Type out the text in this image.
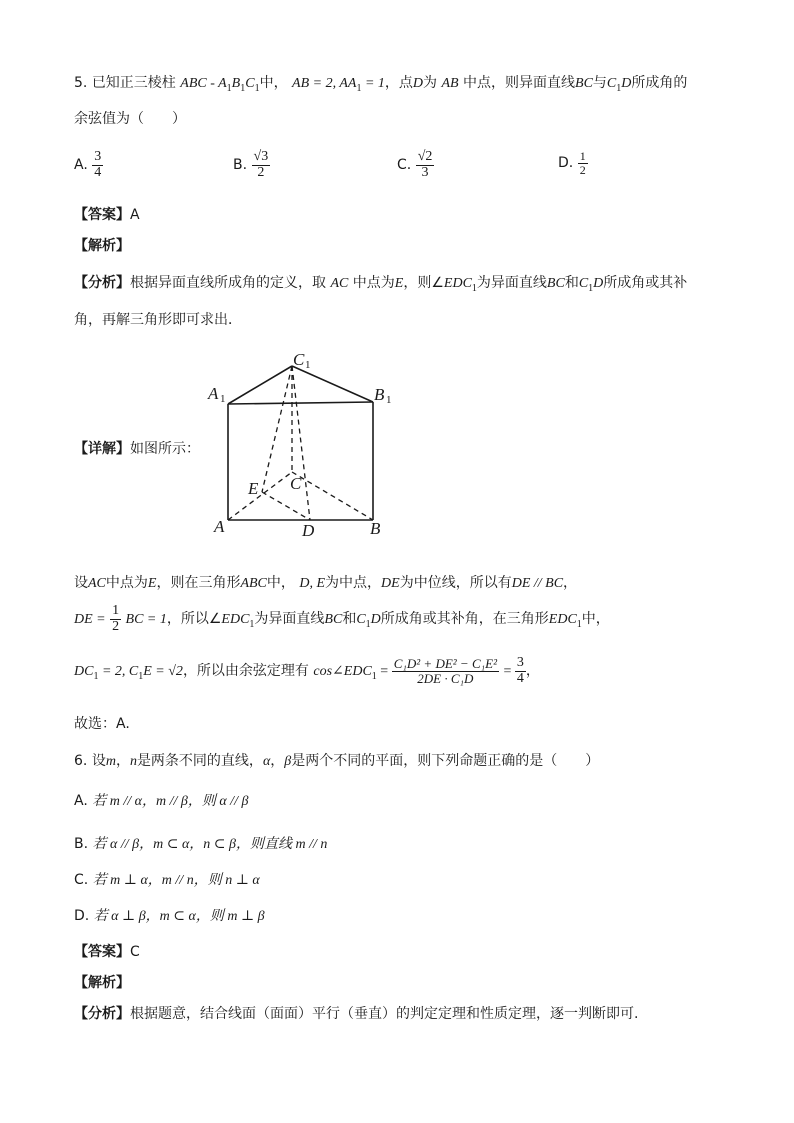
5. 已知正三棱柱 ABC - $A_1B_1C_1$中， AB = 2, $AA_1 = 1$，点D为 AB 中点，则异面直线BC与$C_1D$所成角的
余弦值为（　　）
A. $\frac{3}{4}$	B. $\frac{√3}{2}$	C. $\frac{√2}{3}$	D. $\frac{1}{2}$
【答案】A
【解析】
【分析】根据异面直线所成角的定义，取 AC 中点为E，则$\angle EDC_1$为异面直线BC和$C_1D$所成角或其补
角，再解三角形即可求出．
【详解】如图所示：
C 1
A 1	B 1
C
E
A	D	B
设AC中点为E，则在三角形ABC中， D, E为中点，DE为中位线，所以有DE // BC，
DE = $\frac{1}{2}$ BC = 1，所以$\angle EDC_1$为异面直线BC和$C_1D$所成角或其补角，在三角形$EDC_1$中，
$DC_1 = 2$, $C_1E = √2$，所以由余弦定理有 $\cos\angle EDC_1 = \frac{\text{C₁D² + DE² − C₁E²}}{\text{2DE · C₁D}} = \frac{3}{4}$ ，
故选：A.
6. 设m，n是两条不同的直线，α，β是两个不同的平面，则下列命题正确的是（　　）
A. 若 m // α，m // β，则 α // β
B. 若 α // β，m ⊂ α，n ⊂ β，则直线 m // n
C. 若 m ⊥ α，m // n，则 n ⊥ α
D. 若 α ⊥ β，m ⊂ α，则 m ⊥ β
【答案】C
【解析】
【分析】根据题意，结合线面（面面）平行（垂直）的判定定理和性质定理，逐一判断即可.
